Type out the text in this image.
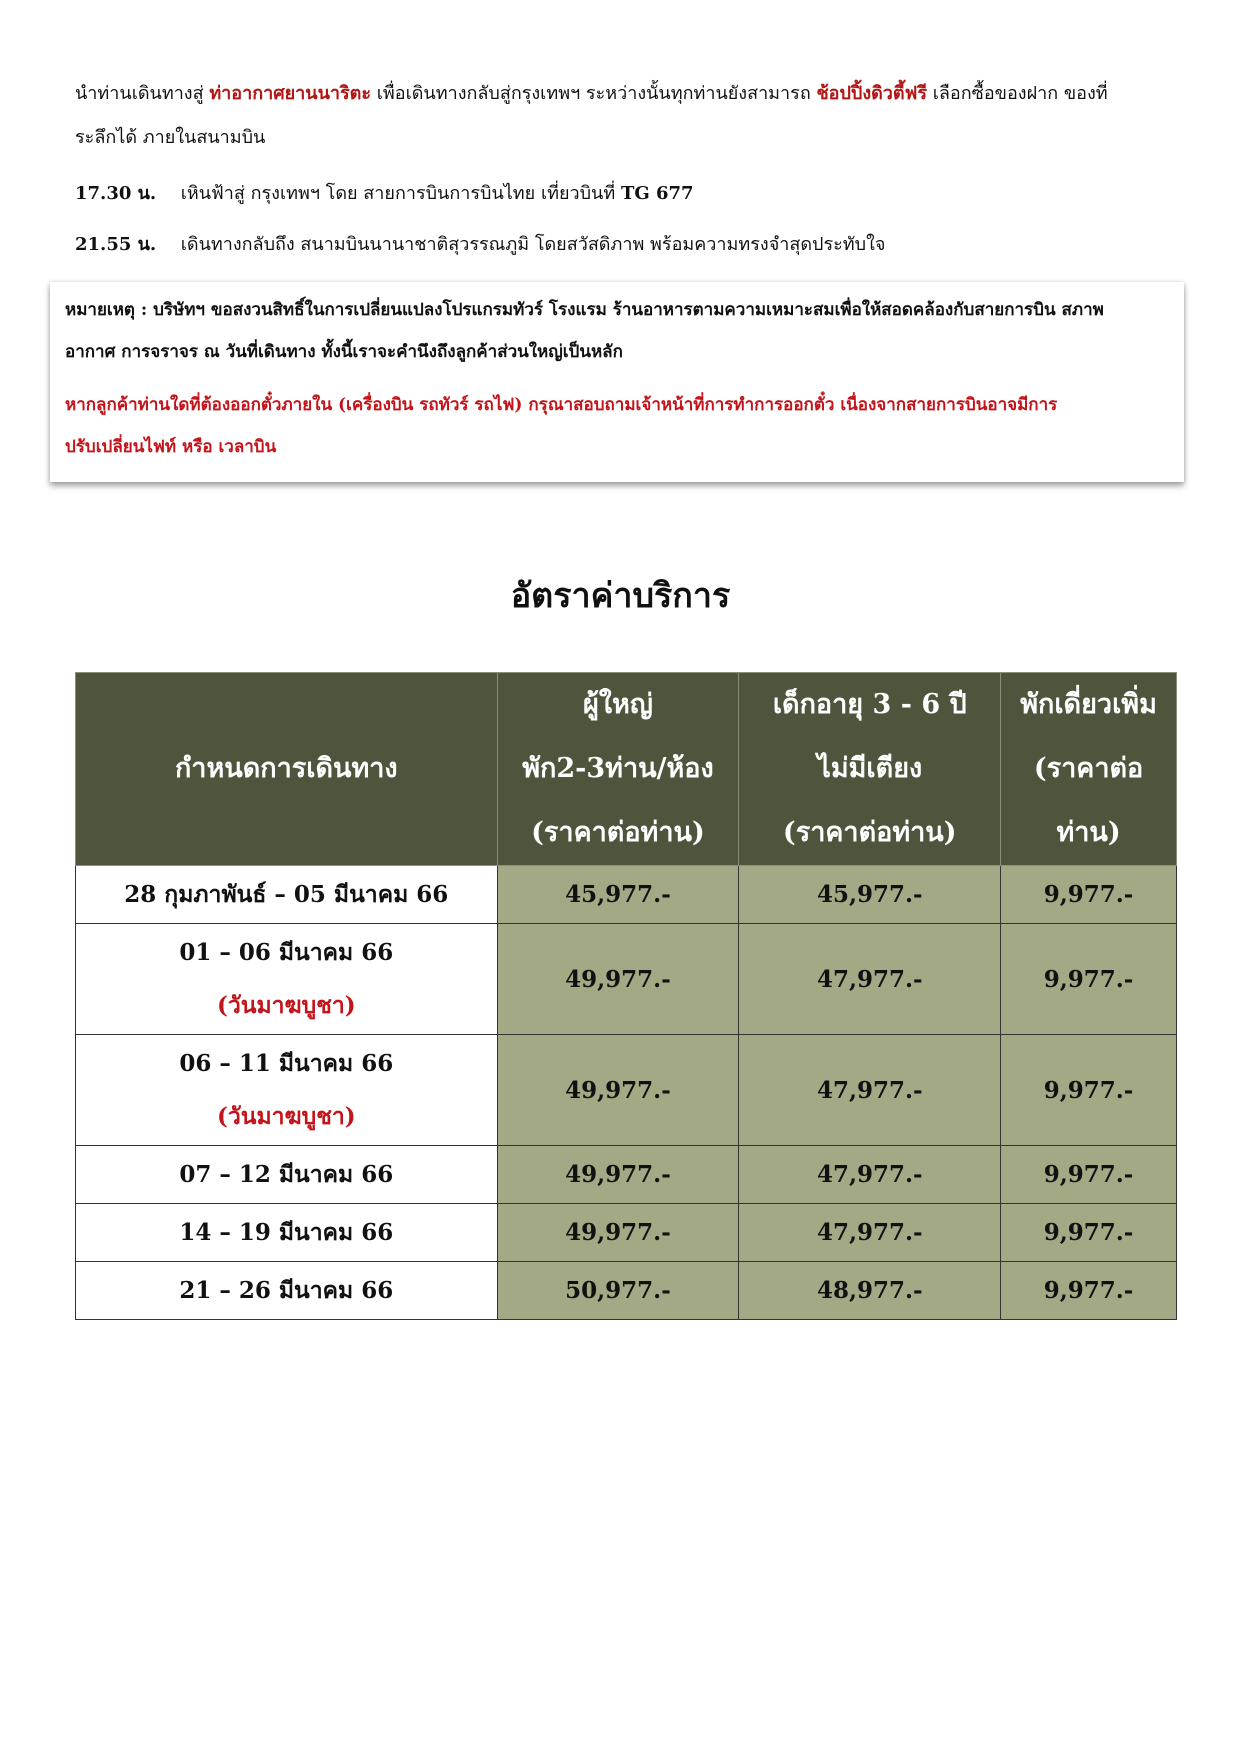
นำท่านเดินทางสู่ ท่าอากาศยานนาริตะ เพื่อเดินทางกลับสู่กรุงเทพฯ ระหว่างนั้นทุกท่านยังสามารถ ช้อปปิ้งดิวตี้ฟรี เลือกซื้อของฝาก ของที่
ระลึกได้ ภายในสนามบิน
17.30 น. เหินฟ้าสู่ กรุงเทพฯ โดย สายการบินการบินไทย เที่ยวบินที่ TG 677
21.55 น. เดินทางกลับถึง สนามบินนานาชาติสุวรรณภูมิ โดยสวัสดิภาพ พร้อมความทรงจำสุดประทับใจ
หมายเหตุ : บริษัทฯ ขอสงวนสิทธิ์ในการเปลี่ยนแปลงโปรแกรมทัวร์ โรงแรม ร้านอาหารตามความเหมาะสมเพื่อให้สอดคล้องกับสายการบิน สภาพ
อากาศ การจราจร ณ วันที่เดินทาง ทั้งนี้เราจะคำนึงถึงลูกค้าส่วนใหญ่เป็นหลัก
หากลูกค้าท่านใดที่ต้องออกตั๋วภายใน (เครื่องบิน รถทัวร์ รถไฟ) กรุณาสอบถามเจ้าหน้าที่การทำการออกตั๋ว เนื่องจากสายการบินอาจมีการ
ปรับเปลี่ยนไฟท์ หรือ เวลาบิน
อัตราค่าบริการ
กำหนดการเดินทาง	ผู้ใหญ่
พัก2-3ท่าน/ห้อง
(ราคาต่อท่าน)	เด็กอายุ 3 - 6 ปี
ไม่มีเตียง
(ราคาต่อท่าน)	พักเดี่ยวเพิ่ม
(ราคาต่อ
ท่าน)

28 กุมภาพันธ์ – 05 มีนาคม 66	45,977.-	45,977.-	9,977.-

01 – 06 มีนาคม 66
(วันมาฆบูชา)	49,977.-	47,977.-	9,977.-

06 – 11 มีนาคม 66
(วันมาฆบูชา)	49,977.-	47,977.-	9,977.-
07 – 12 มีนาคม 66	49,977.-	47,977.-	9,977.-
14 – 19 มีนาคม 66	49,977.-	47,977.-	9,977.-
21 – 26 มีนาคม 66	50,977.-	48,977.-	9,977.-
